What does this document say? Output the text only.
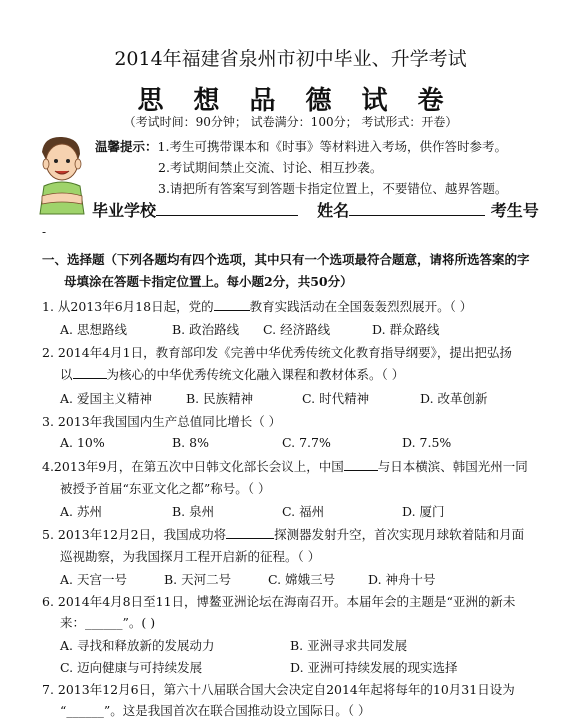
2014年福建省泉州市初中毕业、升学考试
思想品德试卷
（考试时间：90分钟； 试卷满分：100分； 考试形式：开卷）
温馨提示：1.考生可携带课本和《时事》等材料进入考场，供作答时参考。
2.考试期间禁止交流、讨论、相互抄袭。
3.请把所有答案写到答题卡指定位置上，不要错位、越界答题。
毕业学校	姓名	考生号
-
一、选择题（下列各题均有四个选项，其中只有一个选项最符合题意，请将所选答案的字
母填涂在答题卡指定位置上。每小题2分，共50分）
1. 从2013年6月18日起，党的	教育实践活动在全国轰轰烈烈展开。（ ）
A. 思想路线	B. 政治路线 C. 经济路线	D. 群众路线
2. 2014年4月1日，教育部印发《完善中华优秀传统文化教育指导纲要》，提出把弘扬
以	为核心的中华优秀传统文化融入课程和教材体系。（ ）
A. 爱国主义精神	B. 民族精神	C. 时代精神	D. 改革创新
3. 2013年我国国内生产总值同比增长（ ）
A. 10%	B. 8%	C. 7.7%	D. 7.5%
4.2013年9月，在第五次中日韩文化部长会议上，中国	与日本横滨、韩国光州一同
被授予首届“东亚文化之都”称号。（ ）
A. 苏州	B. 泉州	C. 福州	D. 厦门
5. 2013年12月2日，我国成功将	探测器发射升空，首次实现月球软着陆和月面
巡视勘察，为我国探月工程开启新的征程。（ ）
A. 天宫一号	B. 天河二号	C. 嫦娥三号	D. 神舟十号
6. 2014年4月8日至11日，博鳌亚洲论坛在海南召开。本届年会的主题是“亚洲的新未
来：______”。( )
A. 寻找和释放新的发展动力	B. 亚洲寻求共同发展
C. 迈向健康与可持续发展	D. 亚洲可持续发展的现实选择
7. 2013年12月6日，第六十八届联合国大会决定自2014年起将每年的10月31日设为
“______”。这是我国首次在联合国推动设立国际日。（ ）
